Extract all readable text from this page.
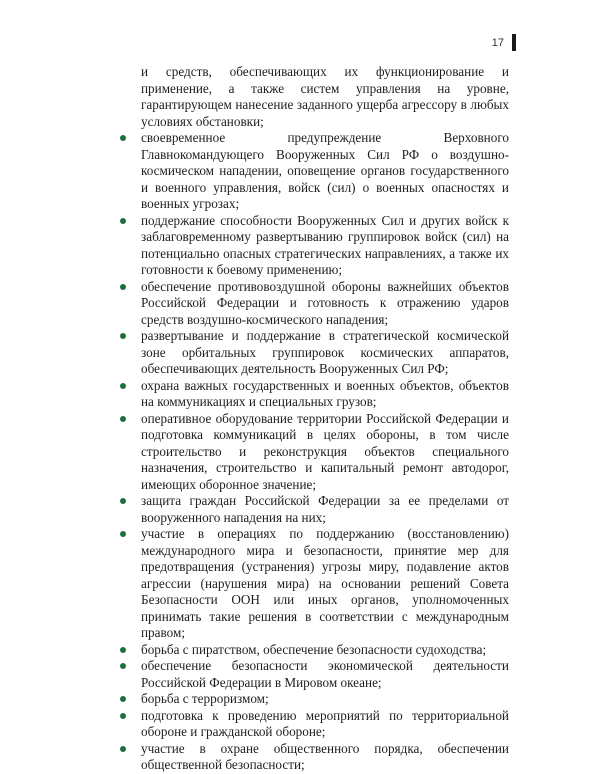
17

и средств, обеспечивающих их функционирование и применение, а также систем управления на уровне, гарантирующем нанесение заданного ущерба агрессору в любых условиях обстановки;

своевременное предупреждение Верховного Главнокомандующего Вооруженных Сил РФ о воздушно-космическом нападении, оповещение органов государственного и военного управления, войск (сил) о военных опасностях и военных угрозах;
поддержание способности Вооруженных Сил и других войск к заблаговременному развертыванию группировок войск (сил) на потенциально опасных стратегических направлениях, а также их готовности к боевому применению;
обеспечение противовоздушной обороны важнейших объектов Российской Федерации и готовность к отражению ударов средств воздушно-космического нападения;
развертывание и поддержание в стратегической космической зоне орбитальных группировок космических аппаратов, обеспечивающих деятельность Вооруженных Сил РФ;
охрана важных государственных и военных объектов, объектов на коммуникациях и специальных грузов;
оперативное оборудование территории Российской Федерации и подготовка коммуникаций в целях обороны, в том числе строительство и реконструкция объектов специального назначения, строительство и капитальный ремонт автодорог, имеющих оборонное значение;
защита граждан Российской Федерации за ее пределами от вооруженного нападения на них;
участие в операциях по поддержанию (восстановлению) международного мира и безопасности, принятие мер для предотвращения (устранения) угрозы миру, подавление актов агрессии (нарушения мира) на основании решений Совета Безопасности ООН или иных органов, уполномоченных принимать такие решения в соответствии с международным правом;
борьба с пиратством, обеспечение безопасности судоходства;
обеспечение безопасности экономической деятельности Российской Федерации в Мировом океане;
борьба с терроризмом;
подготовка к проведению мероприятий по территориальной обороне и гражданской обороне;
участие в охране общественного порядка, обеспечении общественной безопасности;
